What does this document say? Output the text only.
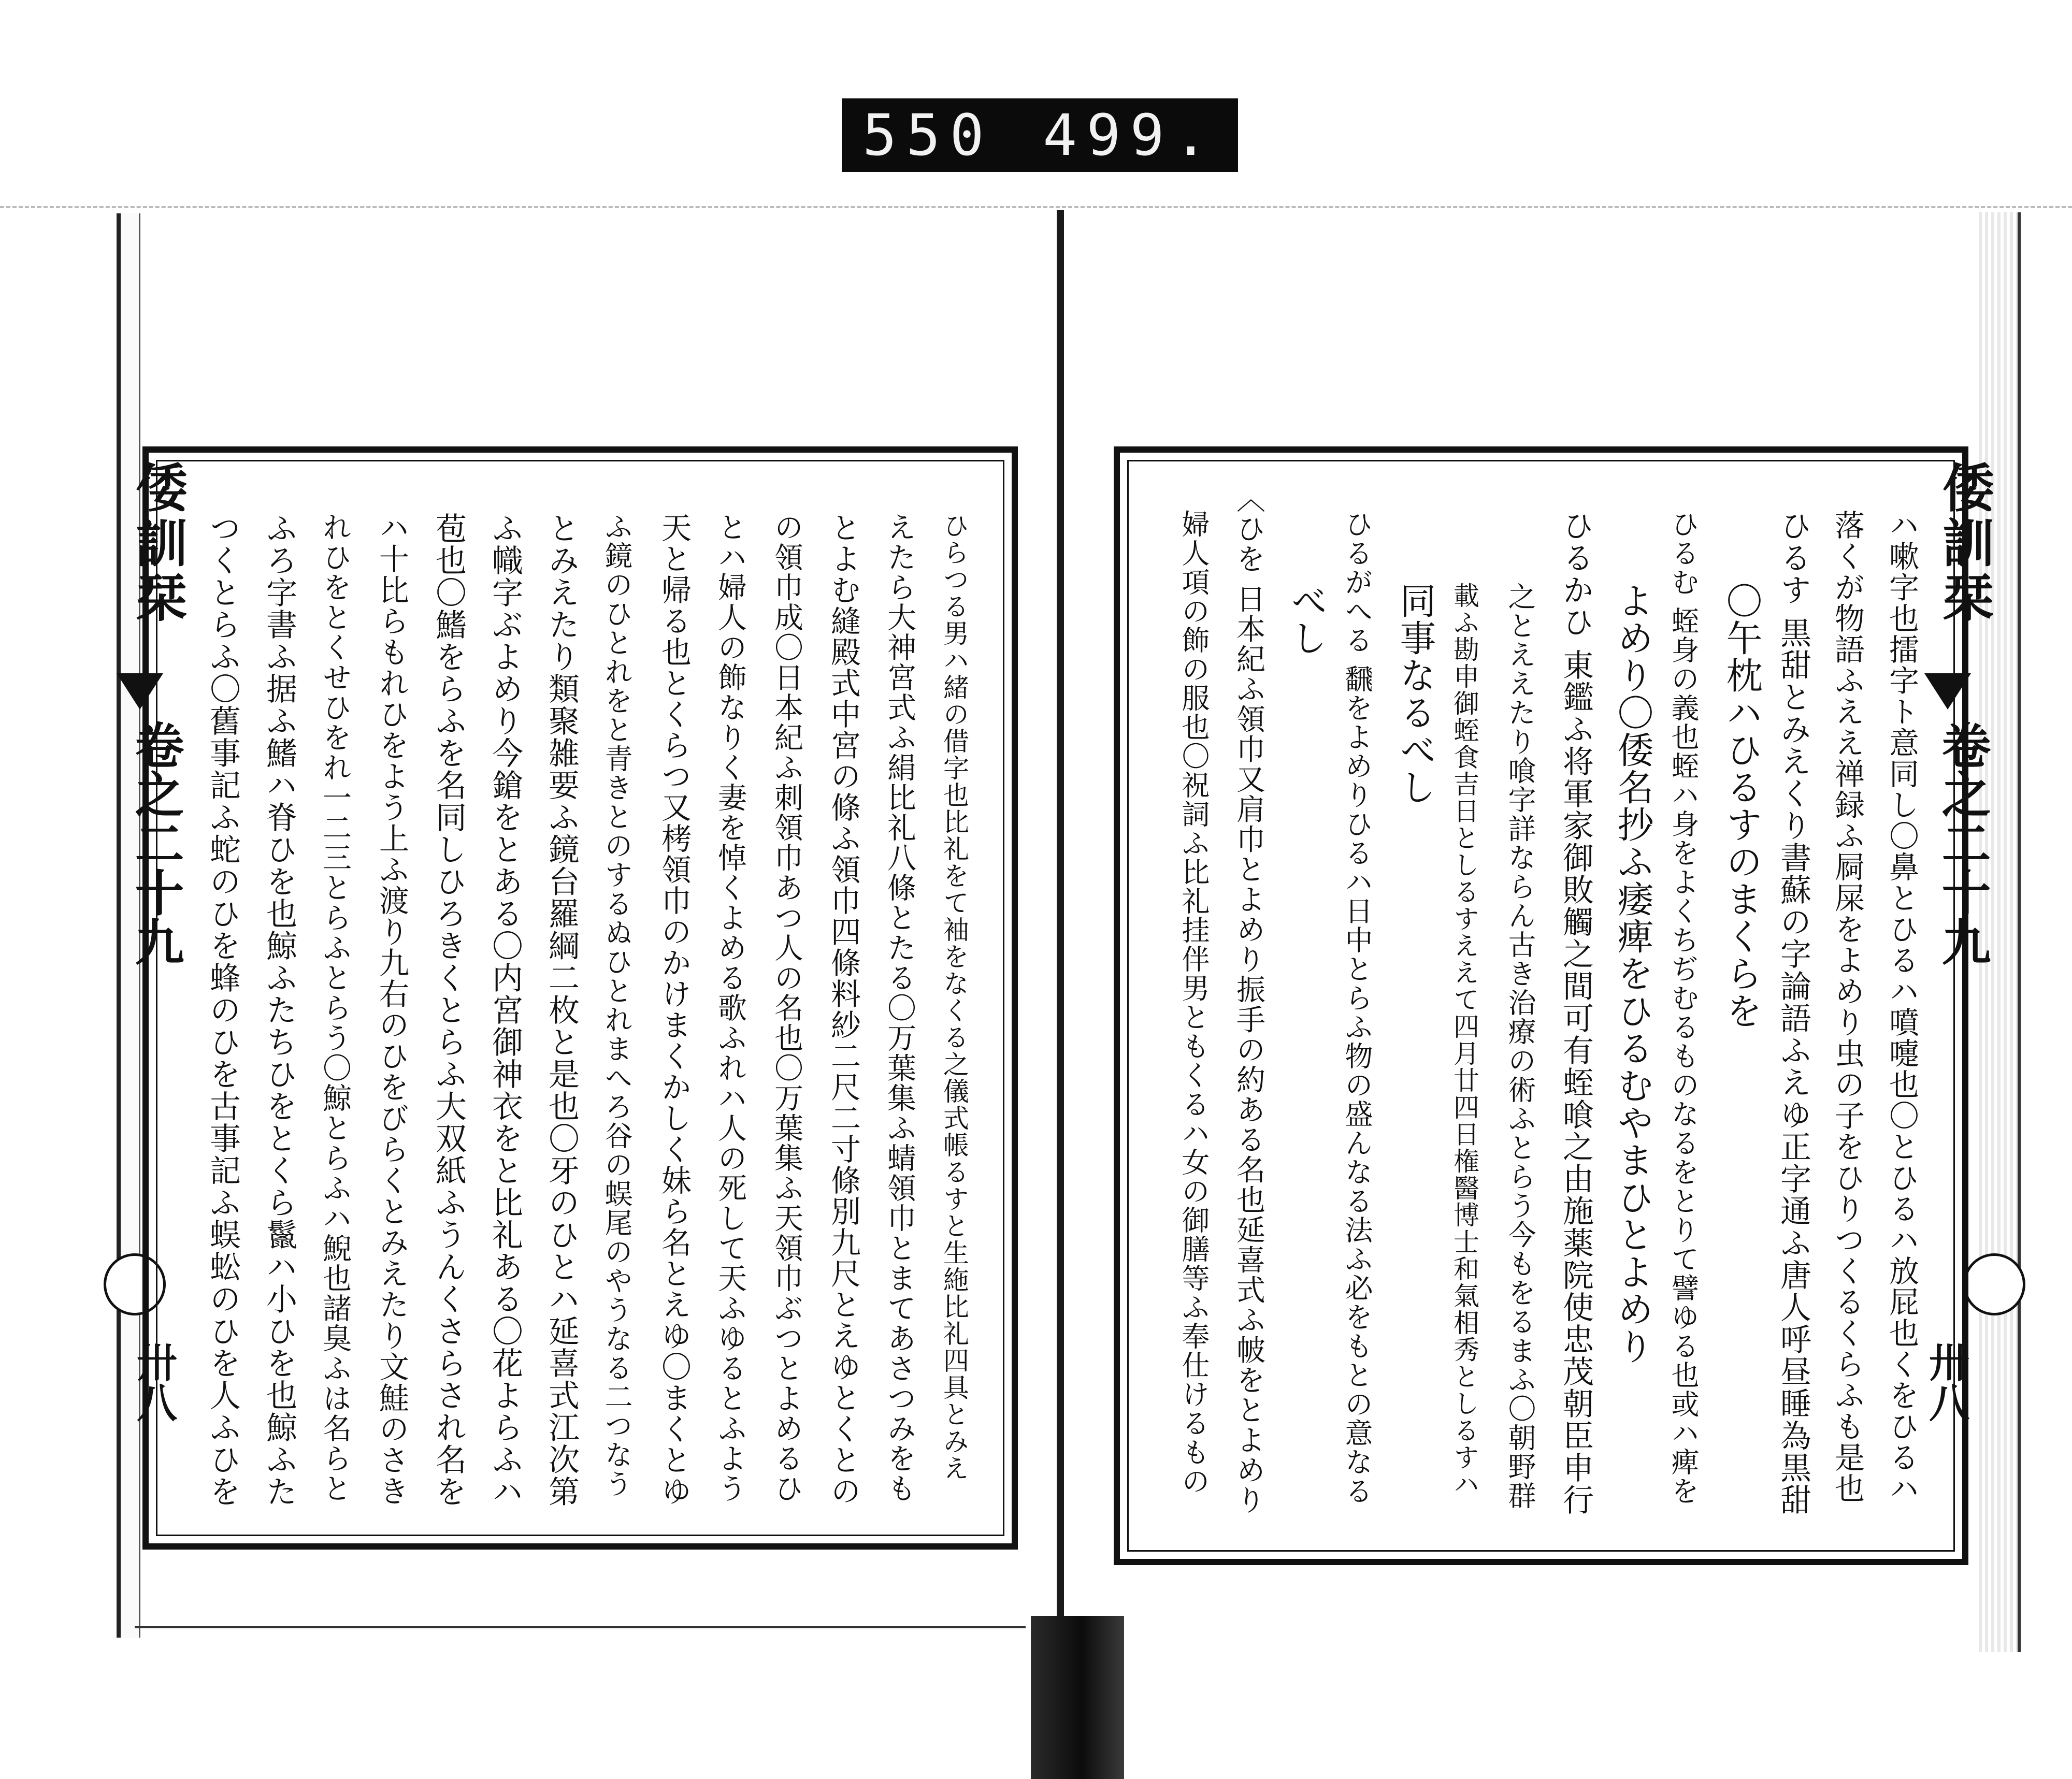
550 499.
倭訓栞
卷之二十九
卅八	ひらつる男ハ緒の借字也比礼をて袖をなくる之儀式帳るすと生絁比礼四具とみえ
えたら大神宮式ふ絹比礼八條とたる〇万葉集ふ蜻領巾とまてあさつみをも
とよむ縫殿式中宮の條ふ領巾四條料紗二尺二寸條別九尺とえゆとくとの
の領巾成〇日本紀ふ刺領巾あつ人の名也〇万葉集ふ天領巾ぶつとよめるひ
とハ婦人の飾なりく妻を悼くよめる歌ふれハ人の死して天ふゆるとふよう
天と帰る也とくらつ又栲領巾のかけまくかしく妹ら名とえゆ〇まくとゆ
ふ鏡のひとれをと青きとのするぬひとれまへろ谷の蜈尾のやうなる二つなう
とみえたり類聚雑要ふ鏡台羅綱二枚と是也〇牙のひとハ延喜式江次第
ふ幟字ぶよめり今鎗をとある〇内宮御神衣をと比礼ある〇花よらふハ
苞也〇鰭をらふを名同しひろきくとらふ大双紙ふうんくさらされ名を
ハ十比らもれひをよう上ふ渡り九右のひをびらくとみえたり文鮭のさき
れひをとくせひをれ一二三とらふとらう〇鯨とらふハ鯢也諸臭ふは名らと
ふろ字書ふ据ふ鰭ハ脊ひを也鯨ふたちひをとくら鬣ハ小ひを也鯨ふた
つくとらふ〇舊事記ふ蛇のひを蜂のひを古事記ふ蜈蚣のひを人ふひを	倭訓栞
卷之二十九
卅八
ハ嗽字也擂字ト意同し〇鼻とひるハ噴嚏也〇とひるハ放屁也くをひるハ
落くが物語ふええ禅録ふ屙屎をよめり虫の子をひりつくるくらふも是也
ひるす 黒甜とみえくり書蘇の字論語ふえゆ正字通ふ唐人呼昼睡為黒甜
〇午枕ハひるすのまくらを
ひるむ 蛭身の義也蛭ハ身をよくちぢむるものなるをとりて譬ゆる也或ハ痺を
よめり〇倭名抄ふ痿痺をひるむやまひとよめり
ひるかひ 東鑑ふ将軍家御敗觸之間可有蛭喰之由施薬院使忠茂朝臣申行
之とええたり喰字詳ならん古き治療の術ふとらう今もをるまふ〇朝野群
載ふ勘申御蛭食吉日としるすええて四月廿四日権醫博士和氣相秀としるすハ
同事なるべし
ひるがへる 飜をよめりひるハ日中とらふ物の盛んなる法ふ必をもとの意なる
べし
〈ひを 日本紀ふ領巾又肩巾とよめり振手の約ある名也延喜式ふ帔をとよめり
婦人項の飾の服也〇祝詞ふ比礼挂伴男ともくるハ女の御膳等ふ奉仕けるもの
